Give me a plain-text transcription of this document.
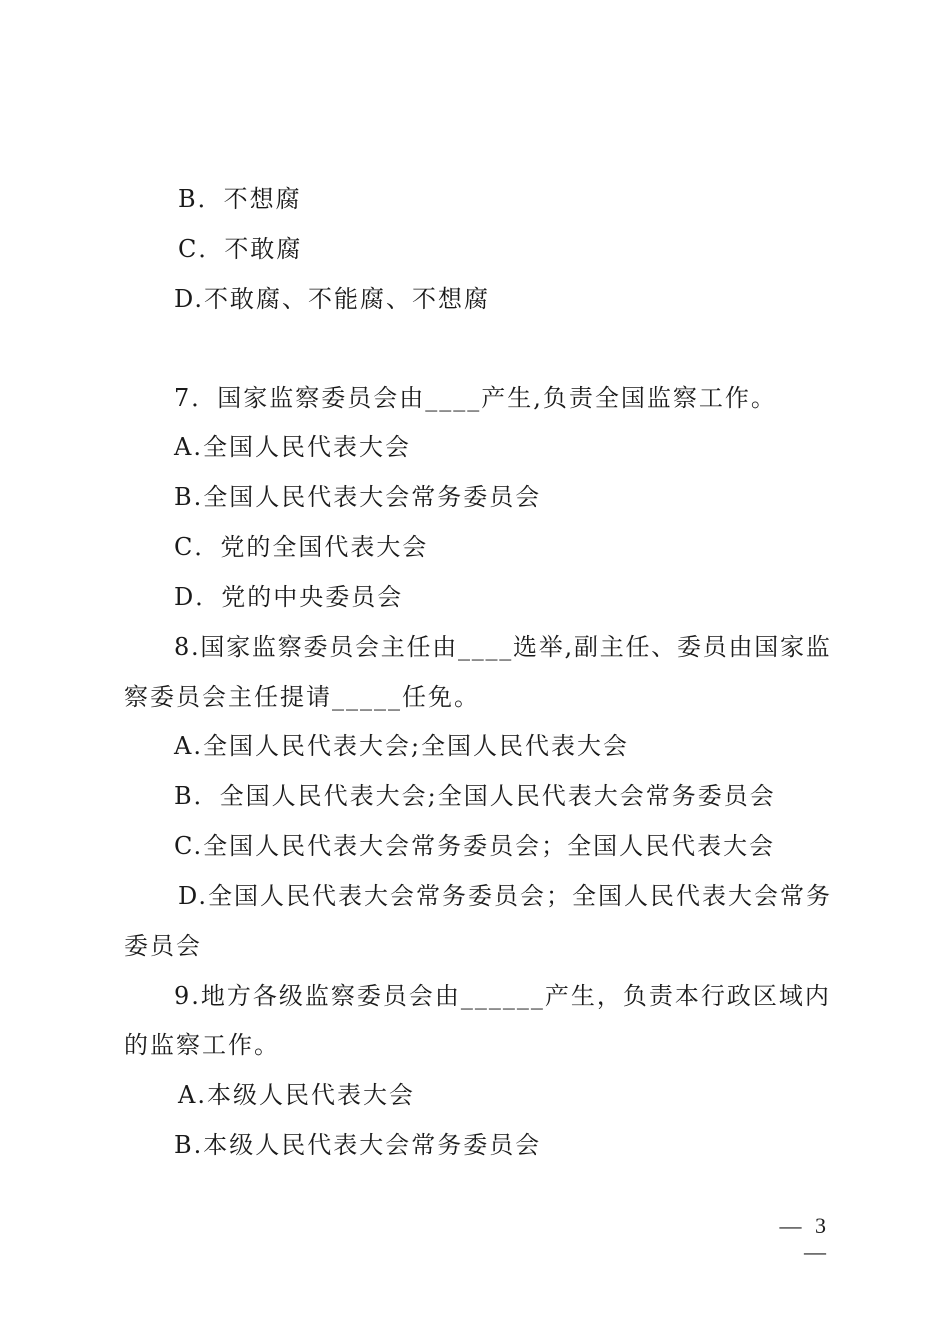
B．不想腐
C．不敢腐
D.不敢腐、不能腐、不想腐
7．国家监察委员会由____产生,负责全国监察工作。
A.全国人民代表大会
B.全国人民代表大会常务委员会
C．党的全国代表大会
D．党的中央委员会
8.国家监察委员会主任由____选举,副主任、委员由国家监
察委员会主任提请_____任免。
A.全国人民代表大会;全国人民代表大会
B．全国人民代表大会;全国人民代表大会常务委员会
C.全国人民代表大会常务委员会；全国人民代表大会
D.全国人民代表大会常务委员会；全国人民代表大会常务
委员会
9.地方各级监察委员会由______产生，负责本行政区域内
的监察工作。
A.本级人民代表大会
B.本级人民代表大会常务委员会
— 3 —
